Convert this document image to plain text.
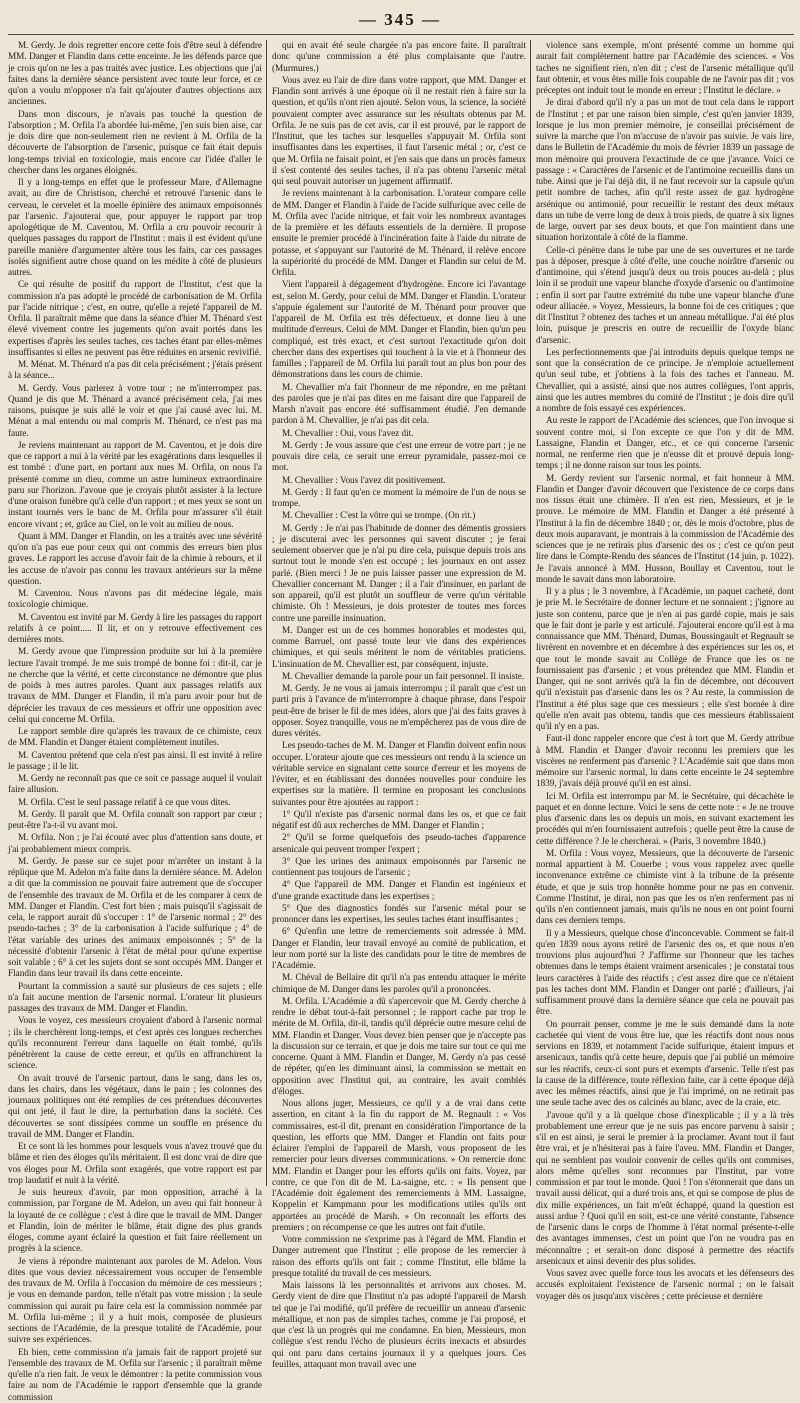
— 345 —

M. Gerdy. Je dois regretter encore cette fois d'être seul à défendre MM. Danger et Flandin dans cette enceinte. Je les défends parce que je crois qu'on ne les a pas traités avec justice. Les objections que j'ai faites dans la dernière séance persistent avec toute leur force, et ce qu'on a voulu m'opposer n'a fait qu'ajouter d'autres objections aux anciennes.

Dans mon discours, je n'avais pas touché la question de l'absorption ; M. Orfila l'a abordée lui-même, j'en suis bien aise, car je dois dire que non-seulement rien ne revient à M. Orfila de la découverte de l'absorption de l'arsenic, puisque ce fait était depuis long-temps trivial en toxicologie, mais encore car l'idée d'aller le chercher dans les organes éloignés.

Il y a long-temps en effet que le professeur Mare, d'Allemagne avait, au dire de Christison, cherché et retrouvé l'arsenic dans le cerveau, le cervelet et la moelle épinière des animaux empoisonnés par l'arsenic. J'ajouterai que, pour appuyer le rapport par trop apologétique de M. Caventou, M. Orfila a cru pouvoir recourir à quelques passages du rapport de l'Institut : mais il est évident qu'une pareille manière d'argumenter altère tous les faits, car ces passages isolés signifient autre chose quand on les médite à côté de plusieurs autres.

Ce qui résulte de positif du rapport de l'Institut, c'est que la commission n'a pas adopté le procédé de carbonisation de M. Orfila par l'acide nitrique ; c'est, en outre, qu'elle a rejeté l'appareil de M. Orfila. Il paraîtrait même que dans la séance d'hier M. Thénard s'est élevé vivement contre les jugements qu'on avait portés dans les expertises d'après les seules taches, ces taches étant par elles-mêmes insuffisantes si elles ne peuvent pas être réduites en arsenic revivifié.

M. Ménat. M. Thénard n'a pas dit cela précisément ; j'étais présent à la séance...

M. Gerdy. Vous parlerez à votre tour ; ne m'interrompez pas. Quand je dis que M. Thénard a avancé précisément cela, j'ai mes raisons, puisque je suis allé le voir et que j'ai causé avec lui. M. Ménat a mal entendu ou mal compris M. Thénard, ce n'est pas ma faute.

Je reviens maintenant au rapport de M. Caventou, et je dois dire que ce rapport a nui à la vérité par les exagérations dans lesquelles il est tombé : d'une part, en portant aux nues M. Orfila, on nous l'a présenté comme un dieu, comme un astre lumineux extraordinaire paru sur l'horizon. J'avoue que je croyais plutôt assister à la lecture d'une oraison funèbre qu'à celle d'un rapport ; et mes yeux se sont un instant tournés vers le banc de M. Orfila pour m'assurer s'il était encore vivant ; et, grâce au Ciel, on le voit au milieu de nous.

Quant à MM. Danger et Flandin, on les a traités avec une sévérité qu'on n'a pas eue pour ceux qui ont commis des erreurs bien plus graves. Le rapport les accuse d'avoir fait de la chimie à rebours, et il les accuse de n'avoir pas connu les travaux antérieurs sur la même question.

M. Caventou. Nous n'avons pas dit médecine légale, mais toxicologie chimique.

M. Caventou est invité par M. Gerdy à lire les passages du rapport relatifs à ce point..... Il lit, et on y retrouve effectivement ces dernières mots.

M. Gerdy avoue que l'impression produite sur lui à la première lecture l'avait trompé. Je me suis trompé de bonne foi : dit-il, car je ne cherche que la vérité, et cette circonstance ne démontre que plus de poids à mes autres paroles. Quant aux passages relatifs aux travaux de MM. Danger et Flandin, il m'a paru avoir pour but de déprécier les travaux de ces messieurs et offrir une opposition avec celui qui concerne M. Orfila.

Le rapport semble dire qu'après les travaux de ce chimiste, ceux de MM. Flandin et Danger étaient complètement inutiles.

M. Caventou prétend que cela n'est pas ainsi. Il est invité à relire le passage ; il le lit.

M. Gerdy ne reconnaît pas que ce soit ce passage auquel il voulait faire allusion.

M. Orfila. C'est le seul passage relatif à ce que vous dites.

M. Gerdy. Il paraît que M. Orfila connaît son rapport par cœur ; peut-être l'a-t-il vu avant moi.

M. Orfila. Non ; je l'ai écouté avec plus d'attention sans doute, et j'ai probablement mieux compris.

M. Gerdy. Je passe sur ce sujet pour m'arrêter un instant à la réplique que M. Adelon m'a faite dans la dernière séance. M. Adelon a dit que la commission ne pouvait faire autrement que de s'occuper de l'ensemble des travaux de M. Orfila et de les comparer à ceux de MM. Danger et Flandin. C'est fort bien ; mais puisqu'il s'agissait de cela, le rapport aurait dû s'occuper : 1° de l'arsenic normal ; 2° des pseudo-taches ; 3° de la carbonisation à l'acide sulfurique ; 4° de l'état variable des urines des animaux empoisonnés ; 5° de la nécessité d'obtenir l'arsenic à l'état de métal pour qu'une expertise soit valable ; 6° à cet les sujets dont se sont occupés MM. Danger et Flandin dans leur travail ils dans cette enceinte.

Pourtant la commission a sauté sur plusieurs de ces sujets ; elle n'a fait aucune mention de l'arsenic normal. L'orateur lit plusieurs passages des travaux de MM. Danger et Flandin.

Vous le voyez, ces messieurs croyaient d'abord à l'arsenic normal ; ils le cherchèrent long-temps, et c'est après ces longues recherches qu'ils reconnurent l'erreur dans laquelle on était tombé, qu'ils pénétrèrent la cause de cette erreur, et qu'ils en affranchirent la science.

On avait trouvé de l'arsenic partout, dans le sang, dans les os, dans les chairs, dans les végétaux, dans le pain ; les colonnes des journaux politiques ont été remplies de ces prétendues découvertes qui ont jeté, il faut le dire, la perturbation dans la société. Ces découvertes se sont dissipées comme un souffle en présence du travail de MM. Danger et Flandin.

Et ce sont là les hommes pour lesquels vous n'avez trouvé que du blâme et rien des éloges qu'ils méritaient. Il est donc vrai de dire que vos éloges pour M. Orfila sont exagérés, que votre rapport est par trop laudatif et nuit à la vérité.

Je suis heureux d'avoir, par mon opposition, arraché à la commission, par l'organe de M. Adelon, un aveu qui fait honneur à la loyauté de ce collègue ; c'est à dire que le travail de MM. Danger et Flandin, loin de mériter le blâme, était digne des plus grands éloges, comme ayant éclairé la question et fait faire réellement un progrès à la science.

Je viens à répondre maintenant aux paroles de M. Adelon. Vous dites que vous deviez nécessairement vous occuper de l'ensemble des travaux de M. Orfila à l'occasion du mémoire de ces messieurs ; je vous en demande pardon, telle n'était pas votre mission ; la seule commission qui aurait pu faire cela est la commission nommée par M. Orfila lui-même ; il y a huit mois, composée de plusieurs sections de l'Académie, de la presque totalité de l'Académie, pour suivre ses expériences.

Eh bien, cette commission n'a jamais fait de rapport projeté sur l'ensemble des travaux de M. Orfila sur l'arsenic ; il paraîtrait même qu'elle n'a rien fait. Je veux le démontrer : la petite commission vous faire au nom de l'Académie le rapport d'ensemble que la grande commission

qui en avait été seule chargée n'a pas encore faite. Il paraîtrait donc qu'une commission a été plus complaisante que l'autre. (Murmures.)

Vous avez eu l'air de dire dans votre rapport, que MM. Danger et Flandin sont arrivés à une époque où il ne restait rien à faire sur la question, et qu'ils n'ont rien ajouté. Selon vous, la science, la société pouvaient compter avec assurance sur les résultats obtenus par M. Orfila. Je ne suis pas de cet avis, car il est prouvé, par le rapport de l'Institut, que les taches sur lesquelles s'appuyait M. Orfila sont insuffisantes dans les expertises, il faut l'arsenic métal ; or, c'est ce que M. Orfila ne faisait point, et j'en sais que dans un procès fameux il s'est contenté des seules taches, il n'a pas obtenu l'arsenic métal qui seul pouvait autoriser un jugement affirmatif.

Je reviens maintenant à la carbonisation. L'orateur compare celle de MM. Danger et Flandin à l'aide de l'acide sulfurique avec celle de M. Orfila avec l'acide nitrique, et fait voir les nombreux avantages de la première et les défauts essentiels de la dernière. Il propose ensuite le premier procédé à l'incinération faite à l'aide du nitrate de potasse, et s'appuyant sur l'autorité de M. Thénard, il relève encore la supériorité du procédé de MM. Danger et Flandin sur celui de M. Orfila.

Vient l'appareil à dégagement d'hydrogène. Encore ici l'avantage est, selon M. Gerdy, pour celui de MM. Danger et Flandin. L'orateur s'appuie également sur l'autorité de M. Thénard pour prouver que l'appareil de M. Orfila est très défectueux, et donne lieu à une multitude d'erreurs. Celui de MM. Danger et Flandin, bien qu'un peu compliqué, est très exact, et c'est surtout l'exactitude qu'on doit chercher dans des expertises qui touchent à la vie et à l'honneur des familles ; l'appareil de M. Orfila lui paraît tout au plus bon pour des démonstrations dans les cours de chimie.

M. Chevallier m'a fait l'honneur de me répondre, en me prêtant des paroles que je n'ai pas dites en me faisant dire que l'appareil de Marsh n'avait pas encore été suffisamment étudié. J'en demande pardon à M. Chevallier, je n'ai pas dit cela.

M. Chevallier : Oui, vous l'avez dit.

M. Gerdy : Je vous assure que c'est une erreur de votre part ; je ne pouvais dire cela, ce serait une erreur pyramidale, passez-moi ce mot.

M. Chevallier : Vous l'avez dit positivement.

M. Gerdy : Il faut qu'en ce moment la mémoire de l'un de nous se trompe.

M. Chevallier : C'est la vôtre qui se trompe. (On rit.)

M. Gerdy : Je n'ai pas l'habitude de donner des démentis grossiers ; je discuterai avec les personnes qui savent discuter ; je ferai seulement observer que je n'ai pu dire cela, puisque depuis trois ans surtout tout le monde s'en est occupé ; les journaux en ont assez parlé. (Bien merci ! Je ne puis laisser passer une expression de M. Chevallier concernant M. Danger ; il a l'air d'insinuer, en parlant de son appareil, qu'il est plutôt un souffleur de verre qu'un véritable chimiste. Oh ! Messieurs, je dois protester de toutes mes forces contre une pareille insinuation.

M. Danger est un de ces hommes honorables et modestes qui, comme Barruel, ont passé toute leur vie dans des expériences chimiques, et qui seuls méritent le nom de véritables praticiens. L'insinuation de M. Chevallier est, par conséquent, injuste.

M. Chevallier demande la parole pour un fait personnel. Il insiste.

M. Gerdy. Je ne vous ai jamais interrompu ; il paraît que c'est un parti pris à l'avance de m'interrompre à chaque phrase, dans l'espoir peut-être de briser le fil de mes idées, alors que j'ai des faits graves à opposer. Soyez tranquille, vous ne m'empêcherez pas de vous dire de dures vérités.

Les pseudo-taches de M. M. Danger et Flandin doivent enfin nous occuper. L'orateur ajoute que ces messieurs ont rendu à la science un véritable service en signalant cette source d'erreur et les moyens de l'éviter, et en établissant des données nouvelles pour conduire les expertises sur la matière. Il termine en proposant les conclusions suivantes pour être ajoutées au rapport :

1° Qu'il n'existe pas d'arsenic normal dans les os, et que ce fait négatif est dû aux recherches de MM. Danger et Flandin ;

2° Qu'il se forme quelquefois des pseudo-taches d'apparence arsenicale qui peuvent tromper l'expert ;

3° Que les urines des animaux empoisonnés par l'arsenic ne contiennent pas toujours de l'arsenic ;

4° Que l'appareil de MM. Danger et Flandin est ingénieux et d'une grande exactitude dans les expertises ;

5° Que des diagnostics fondés sur l'arsenic métal pour se prononcer dans les expertises, les seules taches étant insuffisantes ;

6° Qu'enfin une lettre de remerciements soit adressée à MM. Danger et Flandin, leur travail envoyé au comité de publication, et leur nom porté sur la liste des candidats pour le titre de membres de l'Académie.

M. Chéval de Bellaire dit qu'il n'a pas entendu attaquer le mérite chimique de M. Danger dans les paroles qu'il a prononcées.

M. Orfila. L'Académie a dû s'apercevoir que M. Gerdy cherche à rendre le débat tout-à-fait personnel ; le rapport cache par trop le mérite de M. Orfila, dit-il, tandis qu'il déprécie outre mesure celui de MM. Flandin et Danger. Vous devez bien penser que je n'accepte pas la discussion sur ce terrain, et que je dois me taire sur tout ce qui me concerne. Quant à MM. Flandin et Danger, M. Gerdy n'a pas cessé de répéter, qu'en les diminuant ainsi, la commission se mettait en opposition avec l'Institut qui, au contraire, les avait comblés d'éloges.

Nous allons juger, Messieurs, ce qu'il y a de vrai dans cette assertion, en citant à la fin du rapport de M. Regnault : « Vos commissaires, est-il dit, prenant en considération l'importance de la question, les efforts que MM. Danger et Flandin ont faits pour éclairer l'emploi de l'appareil de Marsh, vous proposent de les remercier pour leurs diverses communications. » On remercie donc MM. Flandin et Danger pour les efforts qu'ils ont faits. Voyez, par contre, ce que l'on dit de M. La-saigne, etc. : « Ils pensent que l'Académie doit également des remerciements à MM. Lassaigne, Koppelin et Kampmann pour les modifications utiles qu'ils ont apportées au procédé de Marsh. » On reconnaît les efforts des premiers ; on récompense ce que les autres ont fait d'utile.

Votre commission ne s'exprime pas à l'égard de MM. Flandin et Danger autrement que l'Institut ; elle propose de les remercier à raison des efforts qu'ils ont fait ; comme l'Institut, elle blâme la presque totalité du travail de ces messieurs.

Mais laissons là les personnalités et arrivons aux choses. M. Gerdy vient de dire que l'Institut n'a pas adopté l'appareil de Marsh tel que je l'ai modifié, qu'il préfère de recueillir un anneau d'arsenic métallique, et non pas de simples taches, comme je l'ai proposé, et que c'est là un progrès qui me condamne. En bien, Messieurs, mon collègue s'est rendu l'écho de plusieurs écrits inexacts et absurdes qui ont paru dans certains journaux il y a quelques jours. Ces feuilles, attaquant mon travail avec une

violence sans exemple, m'ont présenté comme un homme qui aurait fait complètement battre par l'Académie des sciences. « Vos taches ne signifient rien, n'en dit ; c'est de l'arsenic métallique qu'il faut obtenir, et vous êtes mille fois coupable de ne l'avoir pas dit ; vos préceptes ont induit tout le monde en erreur ; l'Institut le déclare. »

Je dirai d'abord qu'il n'y a pas un mot de tout cela dans le rapport de l'Institut ; et par une raison bien simple, c'est qu'en janvier 1839, lorsque je lus mon premier mémoire, je conseillai précisément de suivre la marche que l'on m'accuse de n'avoir pas suivie. Je vais lire, dans le Bulletin de l'Académie du mois de février 1839 un passage de mon mémoire qui prouvera l'exactitude de ce que j'avance. Voici ce passage : « Caractères de l'arsenic et de l'antimoine recueillis dans un tube. Ainsi que je l'ai déjà dit, il ne faut recevoir sur la capsule qu'un petit nombre de taches, afin qu'il reste assez de gaz hydrogène arsénique ou antimonié, pour recueillir le restant des deux métaux dans un tube de verre long de deux à trois pieds, de quatre à six lignes de large, ouvert par ses deux bouts, et que l'on maintient dans une situation horizontale à côté de la flamme.

Celle-ci pénètre dans le tube par une de ses ouvertures et ne tarde pas à déposer, presque à côté d'elle, une couche noirâtre d'arsenic ou d'antimoine, qui s'étend jusqu'à deux ou trois pouces au-delà ; plus loin il se produit une vapeur blanche d'oxyde d'arsenic ou d'antimoine ; enfin il sort par l'autre extrémité du tube une vapeur blanche d'une odeur alliacée. » Voyez, Messieurs, la bonne foi de ces critiques ; que dit l'Institut ? obtenez des taches et un anneau métallique. J'ai été plus loin, puisque je prescris en outre de recueillir de l'oxyde blanc d'arsenic.

Les perfectionnements que j'ai introduits depuis quelque temps ne sont que la consécration de ce principe. Je n'emploie actuellement qu'un seul tube, et j'obtiens à la fois des taches et l'anneau. M. Chevallier, qui a assisté, ainsi que nos autres collègues, l'ont appris, ainsi que les autres membres du comité de l'Institut ; je dois dire qu'il a nombre de fois essayé ces expériences.

Au reste le rapport de l'Académie des sciences, que l'on invoque si souvent contre moi, si l'on excepte ce que l'on y dit de MM. Lassaigne, Flandin et Danger, etc., et ce qui concerne l'arsenic normal, ne renferme rien que je n'eusse dit et prouvé depuis long-temps ; il ne donne raison sur tous les points.

M. Gerdy revient sur l'arsenic normal, et fait honneur à MM. Flandin et Danger d'avoir découvert que l'existence de ce corps dans nos tissus était une chimère. Il n'en est rien, Messieurs, et je le prouve. Le mémoire de MM. Flandin et Danger a été présenté à l'Institut à la fin de décembre 1840 ; or, dès le mois d'octobre, plus de deux mois auparavant, je montrais à la commission de l'Académie des sciences que je ne retirais plus d'arsenic des os ; c'est ce qu'on peut lire dans le Compte-Rendu des séances de l'Institut (14 juin, p. 1022). Je l'avais annoncé à MM. Husson, Boullay et Caventou, tout le monde le savait dans mon laboratoire.

Il y a plus ; le 3 novembre, à l'Académie, un paquet cacheté, dont je prie M. le Secrétaire de donner lecture et ne sonnaient ; j'ignore au juste son contenu, parce que je n'en ai pas gardé copie, mais je sais que le fait dont je parle y est articulé. J'ajouterai encore qu'il est à ma connaissance que MM. Thénard, Dumas, Boussingault et Regnault se livrèrent en novembre et en décembre à des expériences sur les os, et que tout le monde savait au Collège de France que les os ne fournissaient pas d'arsenic ; et vous prétendez que MM. Flandin et Danger, qui ne sont arrivés qu'à la fin de décembre, ont découvert qu'il n'existait pas d'arsenic dans les os ? Au reste, la commission de l'Institut a été plus sage que ces messieurs ; elle s'est bornée à dire qu'elle n'en avait pas obtenu, tandis que ces messieurs établissaient qu'il n'y en a pas.

Faut-il donc rappeler encore que c'est à tort que M. Gerdy attribue à MM. Flandin et Danger d'avoir reconnu les premiers que les viscères ne renferment pas d'arsenic ? L'Académie sait que dans mon mémoire sur l'arsenic normal, lu dans cette enceinte le 24 septembre 1839, j'avais déjà prouvé qu'il en est ainsi.

Ici M. Orfila est interrompu par M. le Secrétaire, qui décachète le paquet et en donne lecture. Voici le sens de cette note : « Je ne trouve plus d'arsenic dans les os depuis un mois, en suivant exactement les procédés qui m'en fournissaient autrefois ; quelle peut être la cause de cette différence ? Je le chercherai. » (Paris, 3 novembre 1840.)

M. Orfila : Vous voyez, Messieurs, que la découverte de l'arsenic normal appartient à M. Couerbe ; vous vous rappelez avec quelle inconvenance extrême ce chimiste vint à la tribune de la présente étude, et que je suis trop honnête homme pour ne pas en convenir. Comme l'Institut, je dirai, non pas que les os n'en renferment pas ni qu'ils n'en contiennent jamais, mais qu'ils ne nous en ont point fourni dans ces derniers temps.

Il y a Messieurs, quelque chose d'inconcevable. Comment se fait-il qu'en 1839 nous ayons retiré de l'arsenic des os, et que nous n'en trouvions plus aujourd'hui ? J'affirme sur l'honneur que les taches obtenues dans le temps étaient vraiment arsenicales ; je constatai tous leurs caractères à l'aide des réactifs ; c'est assez dire que ce n'étaient pas les taches dont MM. Flandin et Danger ont parlé ; d'ailleurs, j'ai suffisamment prouvé dans la dernière séance que cela ne pouvait pas être.

On pourrait penser, comme je me le suis demandé dans la note cachetée qui vient de vous être lue, que les réactifs dont nous nous servions en 1839, et notamment l'acide sulfurique, étaient impurs et arsenicaux, tandis qu'à cette heure, depuis que j'ai publié un mémoire sur les réactifs, ceux-ci sont purs et exempts d'arsenic. Telle n'est pas la cause de la différence, toute réflexion faite, car à cette époque déjà avec les mêmes réactifs, ainsi que je l'ai imprimé, on ne retirait pas une seule tache avec des os calcinés au blanc, avec de la craie, etc.

J'avoue qu'il y a là quelque chose d'inexplicable ; il y a là très probablement une erreur que je ne suis pas encore parvenu à saisir ; s'il en est ainsi, je serai le premier à la proclamer. Avant tout il faut être vrai, et je n'hésiterai pas à faire l'aveu. MM. Flandin et Danger, qui ne semblent pas vouloir convenir de celles qu'ils ont commises, alors même qu'elles sont reconnues par l'Institut, par votre commission et par tout le monde. Quoi ! l'on s'étonnerait que dans un travail aussi délicat, qui a duré trois ans, et qui se compose de plus de dix mille expériences, un fait m'eût échappé, quand la question est aussi ardue ? Quoi qu'il en soit, est-ce une vérité constante, l'absence de l'arsenic dans le corps de l'homme à l'état normal présente-t-elle des avantages immenses, c'est un point que l'on ne voudra pas en méconnaître ; et serait-on donc disposé à permettre des réactifs arsenicaux et ainsi devenir des plus solides.

Vous savez avec quelle force tous les avocats et les défenseurs des accusés exploitaient l'existence de l'arsenic normal ; on le faisait voyager dès os jusqu'aux viscères ; cette précieuse et dernière
